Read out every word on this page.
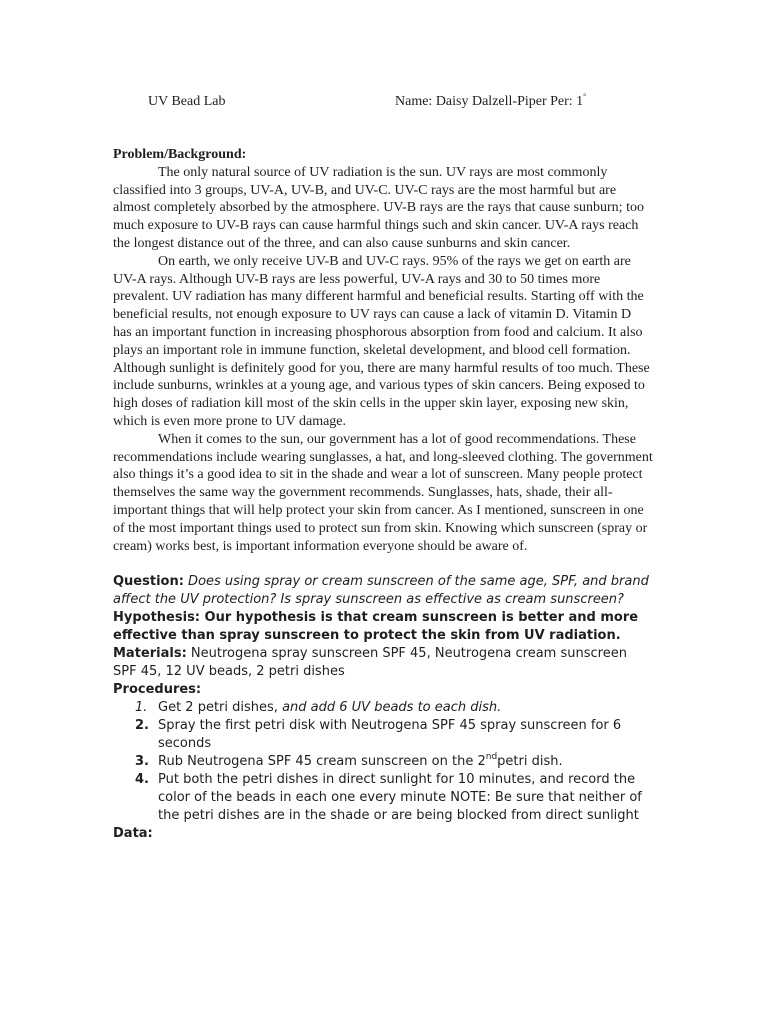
UV Bead Lab	Name: Daisy Dalzell-Piper Per: 1°

Problem/Background:

The only natural source of UV radiation is the sun. UV rays are most commonly classified into 3 groups, UV-A, UV-B, and UV-C. UV-C rays are the most harmful but are almost completely absorbed by the atmosphere. UV-B rays are the rays that cause sunburn; too much exposure to UV-B rays can cause harmful things such and skin cancer. UV-A rays reach the longest distance out of the three, and can also cause sunburns and skin cancer.

On earth, we only receive UV-B and UV-C rays. 95% of the rays we get on earth are UV-A rays. Although UV-B rays are less powerful, UV-A rays and 30 to 50 times more prevalent. UV radiation has many different harmful and beneficial results. Starting off with the beneficial results, not enough exposure to UV rays can cause a lack of vitamin D. Vitamin D has an important function in increasing phosphorous absorption from food and calcium. It also plays an important role in immune function, skeletal development, and blood cell formation. Although sunlight is definitely good for you, there are many harmful results of too much. These include sunburns, wrinkles at a young age, and various types of skin cancers. Being exposed to high doses of radiation kill most of the skin cells in the upper skin layer, exposing new skin, which is even more prone to UV damage.

When it comes to the sun, our government has a lot of good recommendations. These recommendations include wearing sunglasses, a hat, and long-sleeved clothing. The government also things it’s a good idea to sit in the shade and wear a lot of sunscreen. Many people protect themselves the same way the government recommends. Sunglasses, hats, shade, their all-important things that will help protect your skin from cancer. As I mentioned, sunscreen in one of the most important things used to protect sun from skin. Knowing which sunscreen (spray or cream) works best, is important information everyone should be aware of.

Question: Does using spray or cream sunscreen of the same age, SPF, and brand affect the UV protection? Is spray sunscreen as effective as cream sunscreen?

Hypothesis: Our hypothesis is that cream sunscreen is better and more effective than spray sunscreen to protect the skin from UV radiation.

Materials: Neutrogena spray sunscreen SPF 45, Neutrogena cream sunscreen SPF 45, 12 UV beads, 2 petri dishes

Procedures:

1. Get 2 petri dishes, and add 6 UV beads to each dish.
2. Spray the first petri disk with Neutrogena SPF 45 spray sunscreen for 6 seconds
3. Rub Neutrogena SPF 45 cream sunscreen on the 2ndpetri dish.
4. Put both the petri dishes in direct sunlight for 10 minutes, and record the color of the beads in each one every minute NOTE: Be sure that neither of the petri dishes are in the shade or are being blocked from direct sunlight

Data:
